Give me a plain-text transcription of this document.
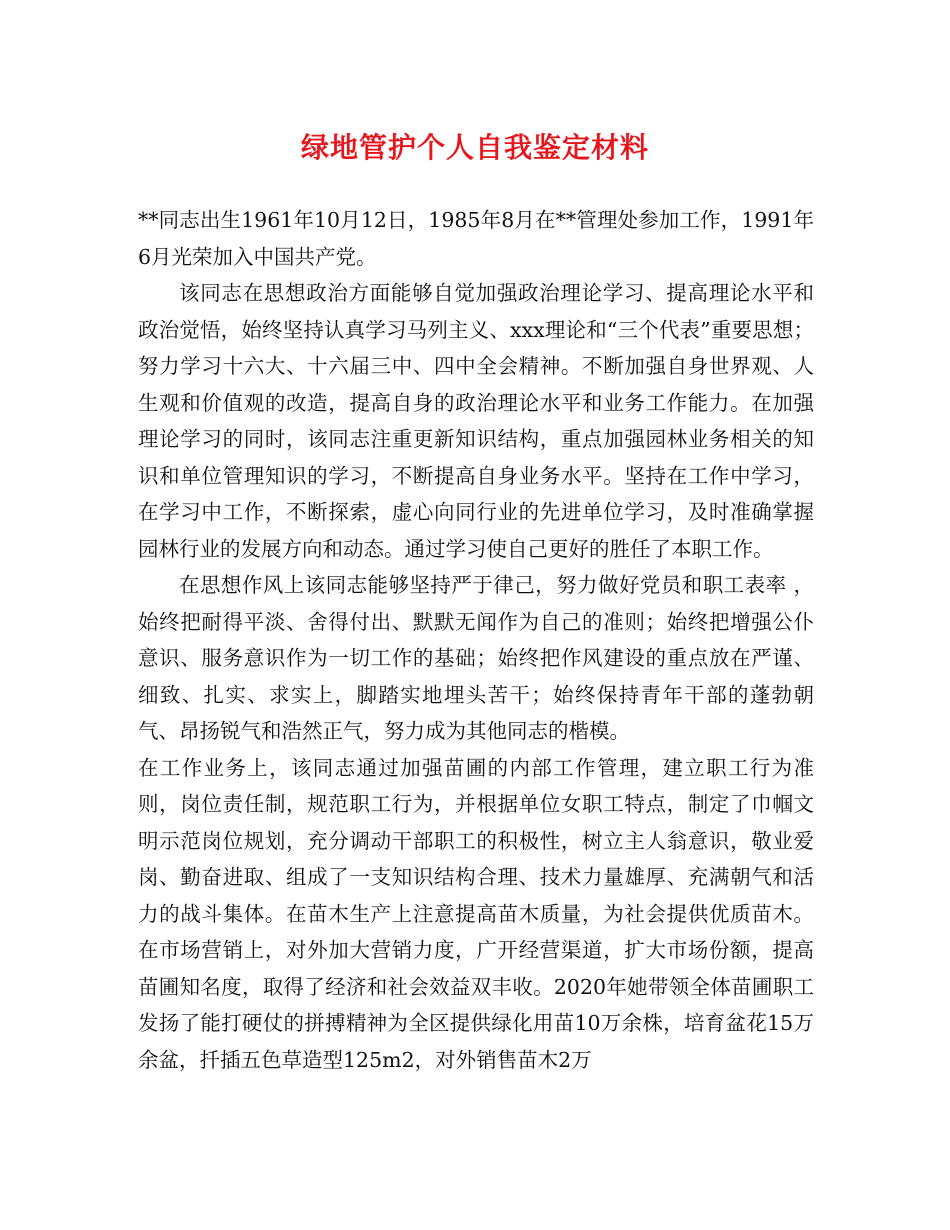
绿地管护个人自我鉴定材料

**同志出生1961年10月12日，1985年8月在**管理处参加工作，1991年6月光荣加入中国共产党。

该同志在思想政治方面能够自觉加强政治理论学习、提高理论水平和政治觉悟，始终坚持认真学习马列主义、xxx理论和“三个代表”重要思想；努力学习十六大、十六届三中、四中全会精神。不断加强自身世界观、人生观和价值观的改造，提高自身的政治理论水平和业务工作能力。在加强理论学习的同时，该同志注重更新知识结构，重点加强园林业务相关的知识和单位管理知识的学习，不断提高自身业务水平。坚持在工作中学习，在学习中工作，不断探索，虚心向同行业的先进单位学习，及时准确掌握园林行业的发展方向和动态。通过学习使自己更好的胜任了本职工作。

在思想作风上该同志能够坚持严于律己，努力做好党员和职工表率 ，始终把耐得平淡、舍得付出、默默无闻作为自己的准则；始终把增强公仆意识、服务意识作为一切工作的基础；始终把作风建设的重点放在严谨、细致、扎实、求实上，脚踏实地埋头苦干；始终保持青年干部的蓬勃朝气、昂扬锐气和浩然正气，努力成为其他同志的楷模。

在工作业务上，该同志通过加强苗圃的内部工作管理，建立职工行为准则，岗位责任制，规范职工行为，并根据单位女职工特点，制定了巾帼文明示范岗位规划，充分调动干部职工的积极性，树立主人翁意识，敬业爱岗、勤奋进取、组成了一支知识结构合理、技术力量雄厚、充满朝气和活力的战斗集体。在苗木生产上注意提高苗木质量，为社会提供优质苗木。在市场营销上，对外加大营销力度，广开经营渠道，扩大市场份额，提高苗圃知名度，取得了经济和社会效益双丰收。2020年她带领全体苗圃职工发扬了能打硬仗的拼搏精神为全区提供绿化用苗10万余株，培育盆花15万余盆，扦插五色草造型125m2，对外销售苗木2万
